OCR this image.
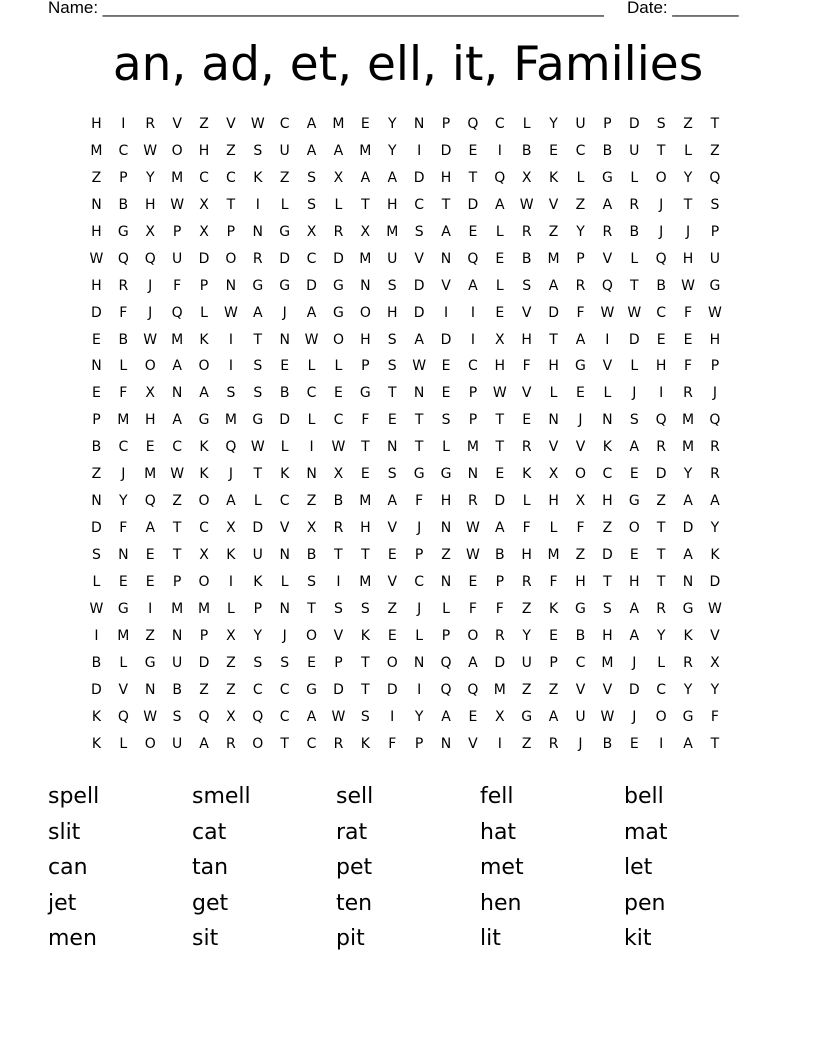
Name: _____________________________________________________ Date: _______
an, ad, et, ell, it, Families
H	I	R	V	Z	V	W	C	A	M	E	Y	N	P	Q	C	L	Y	U	P	D	S	Z	T
M	C	W	O	H	Z	S	U	A	A	M	Y	I	D	E	I	B	E	C	B	U	T	L	Z
Z	P	Y	M	C	C	K	Z	S	X	A	A	D	H	T	Q	X	K	L	G	L	O	Y	Q
N	B	H	W	X	T	I	L	S	L	T	H	C	T	D	A	W	V	Z	A	R	J	T	S
H	G	X	P	X	P	N	G	X	R	X	M	S	A	E	L	R	Z	Y	R	B	J	J	P
W	Q	Q	U	D	O	R	D	C	D	M	U	V	N	Q	E	B	M	P	V	L	Q	H	U
H	R	J	F	P	N	G	G	D	G	N	S	D	V	A	L	S	A	R	Q	T	B	W	G
D	F	J	Q	L	W	A	J	A	G	O	H	D	I	I	E	V	D	F	W W	C	F	W
E	B	W M	K	I	T	N	W	O	H	S	A	D	I	X	H	T	A	I	D	E	E	H
N	L	O	A	O	I	S	E	L	L	P	S	W	E	C	H	F	H	G	V	L	H	F	P
E	F	X	N	A	S	S	B	C	E	G	T	N	E	P	W	V	L	E	L	J	I	R	J
P	M	H	A	G	M	G	D	L	C	F	E	T	S	P	T	E	N	J	N	S	Q	M	Q
B	C	E	C	K	Q	W	L	I	W	T	N	T	L	M	T	R	V	V	K	A	R	M	R
Z	J	M W	K	J	T	K	N	X	E	S	G	G	N	E	K	X	O	C	E	D	Y	R
N	Y	Q	Z	O	A	L	C	Z	B	M	A	F	H	R	D	L	H	X	H	G	Z	A	A
D	F	A	T	C	X	D	V	X	R	H	V	J	N	W	A	F	L	F	Z	O	T	D	Y
S	N	E	T	X	K	U	N	B	T	T	E	P	Z	W	B	H	M	Z	D	E	T	A	K
L	E	E	P	O	I	K	L	S	I	M	V	C	N	E	P	R	F	H	T	H	T	N	D
W	G	I	M	M	L	P	N	T	S	S	Z	J	L	F	F	Z	K	G	S	A	R	G	W
I	M	Z	N	P	X	Y	J	O	V	K	E	L	P	O	R	Y	E	B	H	A	Y	K	V
B	L	G	U	D	Z	S	S	E	P	T	O	N	Q	A	D	U	P	C	M	J	L	R	X
D	V	N	B	Z	Z	C	C	G	D	T	D	I	Q	Q	M	Z	Z	V	V	D	C	Y	Y
K	Q	W	S	Q	X	Q	C	A	W	S	I	Y	A	E	X	G	A	U	W	J	O	G	F
K	L	O	U	A	R	O	T	C	R	K	F	P	N	V	I	Z	R	J	B	E	I	A	T
spell	smell	sell	fell	bell
slit	cat	rat	hat	mat
can	tan	pet	met	let
jet	get	ten	hen	pen
men	sit	pit	lit	kit
